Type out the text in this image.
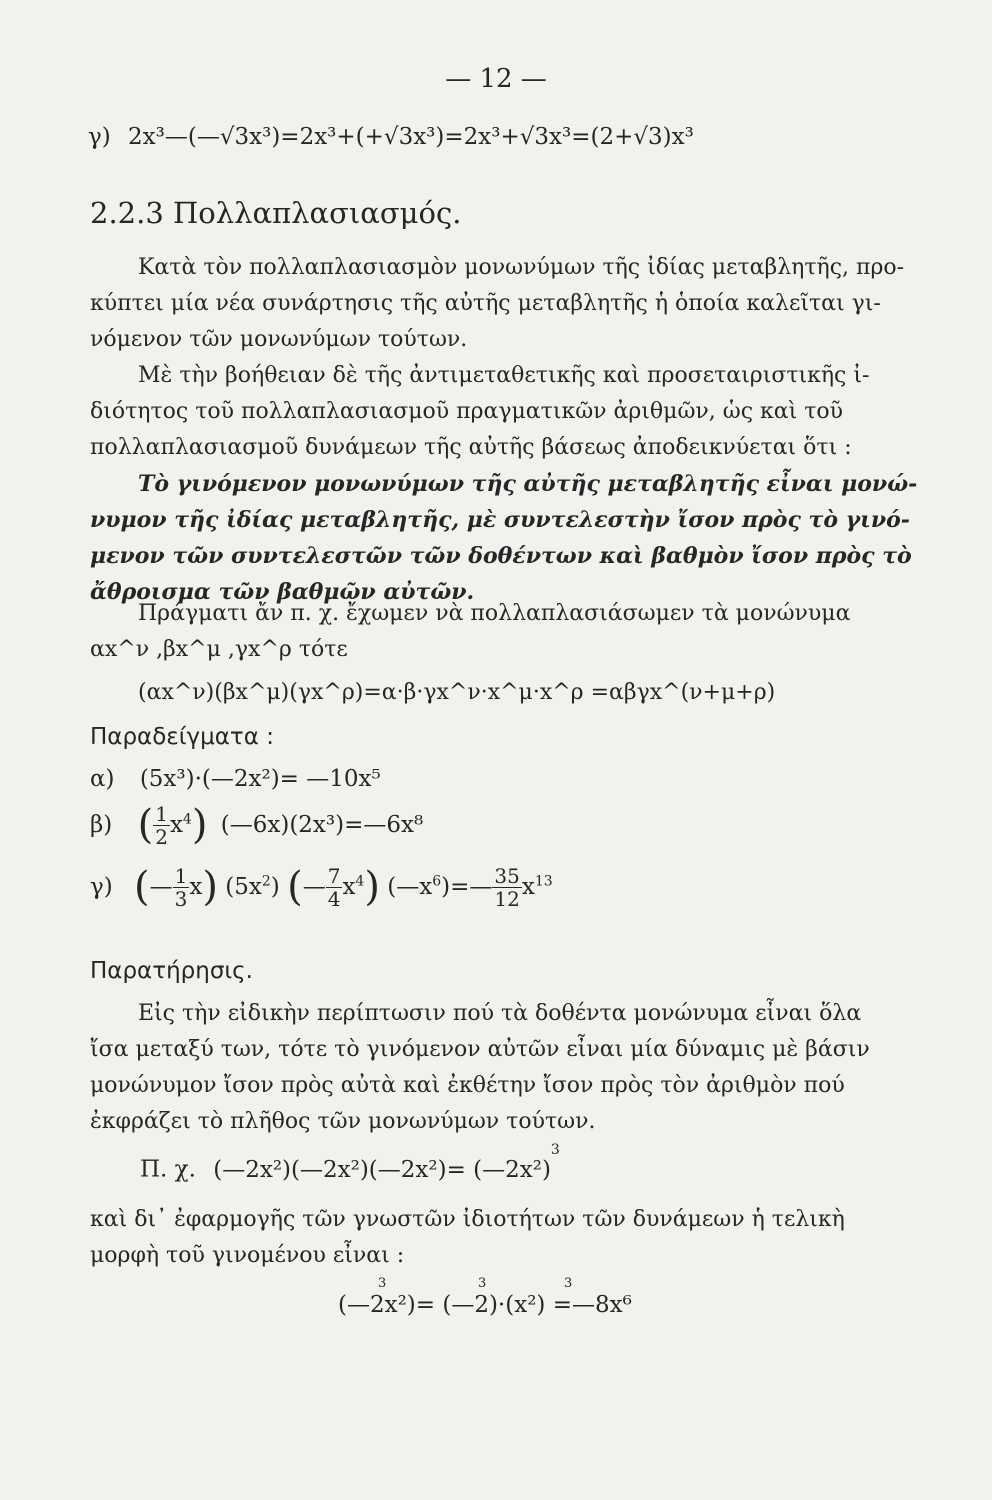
— 12 —
γ) 2x³—(—√3x³)=2x³+(+√3x³)=2x³+√3x³=(2+√3)x³
2.2.3 Πολλαπλασιασμός.
Κατὰ τὸν πολλαπλασιασμὸν μονωνύμων τῆς ἰδίας μεταβλητῆς, προ-
κύπτει μία νέα συνάρτησις τῆς αὐτῆς μεταβλητῆς ἡ ὁποία καλεῖται γι-
νόμενον τῶν μονωνύμων τούτων.
Μὲ τὴν βοήθειαν δὲ τῆς ἀντιμεταθετικῆς καὶ προσεταιριστικῆς ἰ-
διότητος τοῦ πολλαπλασιασμοῦ πραγματικῶν ἀριθμῶν, ὡς καὶ τοῦ
πολλαπλασιασμοῦ δυνάμεων τῆς αὐτῆς βάσεως ἀποδεικνύεται ὅτι :
Τὸ γινόμενον μονωνύμων τῆς αὐτῆς μεταβλητῆς εἶναι μονώ-
νυμον τῆς ἰδίας μεταβλητῆς, μὲ συντελεστὴν ἴσον πρὸς τὸ γινό-
μενον τῶν συντελεστῶν τῶν δοθέντων καὶ βαθμὸν ἴσον πρὸς τὸ
ἄθροισμα τῶν βαθμῶν αὐτῶν.
Πράγματι ἄν π. χ. ἔχωμεν νὰ πολλαπλασιάσωμεν τὰ μονώνυμα
αx^ν ,βx^μ ,γx^ρ τότε
(αx^ν)(βx^μ)(γx^ρ)=α·β·γx^ν·x^μ·x^ρ =αβγx^(ν+μ+ρ)
Παραδείγματα :
α) (5x³)·(—2x²)= —10x⁵
β) ( $\frac{1}{2} x^4$) (—6x)(2x³)=—6x⁸
γ) (— $\frac{1}{3} x$) $(5x^2)$ (— $\frac{7}{4} x^4$) $(—x^6)=— \frac{35}{12} x^{13}$
Παρατήρησις.
Εἰς τὴν εἰδικὴν περίπτωσιν πού τὰ δοθέντα μονώνυμα εἶναι ὅλα
ἴσα μεταξύ των, τότε τὸ γινόμενον αὐτῶν εἶναι μία δύναμις μὲ βάσιν
μονώνυμον ἴσον πρὸς αὐτὰ καὶ ἐκθέτην ἴσον πρὸς τὸν ἀριθμὸν πού
ἐκφράζει τὸ πλῆθος τῶν μονωνύμων τούτων.
Π. χ. (—2x²)(—2x²)(—2x²)= (—2x²)$^3$
καὶ δι᾿ ἐφαρμογῆς τῶν γνωστῶν ἰδιοτήτων τῶν δυνάμεων ἡ τελικὴ
μορφὴ τοῦ γινομένου εἶναι :
3	3	3
(—2x²)= (—2)·(x²) =—8x⁶
